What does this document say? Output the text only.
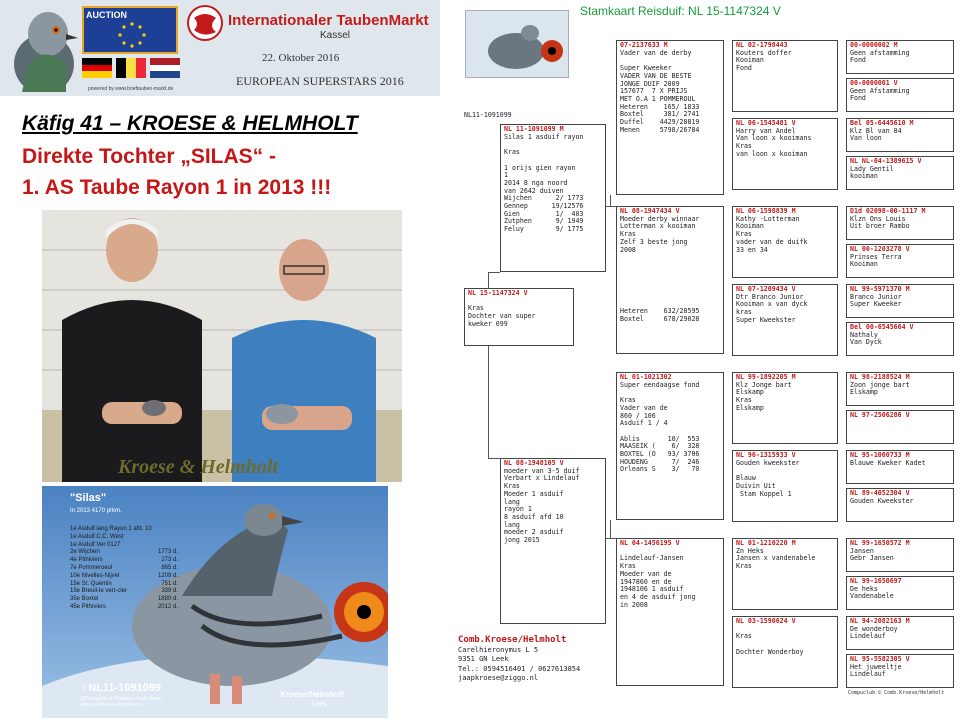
AUCTION	Internationaler TaubenMarkt
Kassel
22. Oktober 2016
EUROPEAN SUPERSTARS 2016
powered by www.brieftauben-markt.de
Käfig 41 – KROESE & HELMHOLT
Direkte Tochter „SILAS“ -
1. AS Taube Rayon 1 in 2013 !!!
Kroese & Helmholt
"Silas"
In 2013 4170 prkm.
1e Asduif lang Rayon 1 afd. 10
1e Asduif C.C. West
1e Asduif Ver 0127
2e Wijchen	1773 d.
4e Pithiviers	273 d.
7e Pommeroeul	865 d.
10e Nivelles-Nijvel	1209 d.
15e St. Quentin	751 d.
15e Breuil-le vert-cler	339 d.
35e Boxtel	1880 d.
45e Pithiviers	2012 d.
♂NL11-1091099
@Fotografie & Ontwerp: Henk Starm
www.postduiven-fotograaf.nl
Kroese/Helmholt
Leek
Stamkaart Reisduif: NL 15-1147324 V
NL11-1091099
NL 15-1147324 V

Kras
Dochter van super
kweker 099
NL 11-1091099 M
Silas 1 asduif rayon

Kras

1 orijs gien rayon
1
2014 8 nga noord
van 2642 duiven
Wijchen      2/ 1773
Gennep      19/12576
Gien         1/  403
Zutphen      9/ 1949
Feluy        9/ 1775
NL 08-1948105 V
moeder van 3-5 duif
Verbart x Lindelauf
Kras
Moeder 1 asduif
lang
rayon 1
8 asduif afd 10
lang
moeder 2 asduif
jong 2015
07-2137633 M
Vader van de derby

Super Kweeker
VADER VAN DE BESTE
JONGE DUIF 2009
157677  7 X PRIJS
MET O.A 1 POMMEROUL
Heteren    165/ 1833
Boxtel     381/ 2741
Duffel    4429/28819
Menen     5798/26784
NL 08-1947434 V
Moeder derby winnaar
Lotterman x kooiman
Kras
Zelf 3 beste jong
2008

Heteren    632/28595
Boxtel     678/29028
NL 01-1021302
Super eendaagse fond

Kras
Vader van de
860 / 106
Asduif 1 / 4

Ablis       10/  553
MAASEIK (    6/  328
BOXTEL (O   93/ 3706
HOUDENG      7/  246
Orleans S    3/   70
NL 04-1456195 V

Lindelauf-Jansen
Kras
Moeder van de
1947860 en de
1948106 1 asduif
en 4 de asduif jong
in 2008
NL 02-1798443
Kouters doffer
Kooiman
Fond
NL 06-1545481 V
Harry van Andel
Van loon x kooimans
Kras
van loon x kooiman
NL 06-1598839 M
Kathy -Lotterman
Kooiman
Kras
vader van de duifk
33 en 34
NL 07-1209434 V
Dtr Branco Junior
Kooiman x van dyck
kras
Super Kweekster
NL 99-1892205 M
Klz Jonge bart
Elskamp
Kras
Elskamp
NL 96-1315933 V
Gouden kweekster

Blauw
Duivin Uit
Stam Koppel 1
NL 01-1210220 M
Zn Heks
Jansen x vandenabele
Kras
NL 03-1590624 V

Kras

Dochter Wonderboy
00-0000002 M
Geen afstamming
Fond
00-0000001 V
Geen Afstamming
Fond
Bel 05-6445610 M
Klz Bl van 84
Van loon
NL NL-04-1389615 V
Lady Gentil
kooiman
D1d 02098-00-1117 M
Klzn Ons Louis
Uit broer Rambo
NL 00-1203278 V
Prinses Terra
Kooiman
NL 99-5971370 M
Branco Junior
Super Kweeker
Bel 00-6545664 V
Nathaly
Van Dyck
NL 98-2188524 M
Zoon jonge bart
Elskamp
NL 97-2506286 V
NL 95-1060733 M
Blauwe Kweker Kadet
NL 89-4052304 V
Gouden Kweekster
NL 99-1650572 M
Jansen
Gebr Jansen
NL 99-1650697
De heks
Vandenabele
NL 94-2082163 M
De wonderboy
Lindelauf
NL 95-5582305 V
Het juweeltje
Lindelauf
Comb.Kroese/Helmholt
Carelhieronymus L 5
9351 GN Leek
Tel.: 0594516401 / 0627613854
jaapkroese@ziggo.nl
Compuclub © Comb.Kroese/Helmholt
